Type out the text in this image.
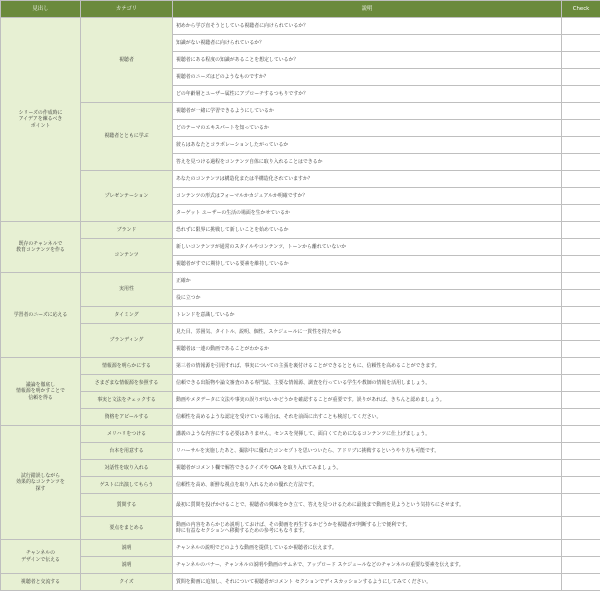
見出し	カテゴリ	説明	Check
シリーズの作成時に
アイデアを練るべき
ポイント	視聴者	初めから学び直そうとしている視聴者に向けられているか？	
		知識がない視聴者に向けられているか？	
		視聴者にある程度の知識があることを想定しているか？	
		視聴者のニーズはどのようなものですか？	
		どの年齢層とユーザー属性にアプローチするつもりですか？	
	視聴者とともに学ぶ	視聴者が一緒に学習できるようにしているか	
		どのテーマのエキスパートを知っているか	
		彼らはあなたとコラボレーションしたがっているか	
		答えを見つける過程をコンテンツ自体に取り入れることはできるか	
	プレゼンテーション	あなたのコンテンツは構造化または半構造化されていますか？	
		コンテンツの形式はフォーマルかカジュアルか明確ですか？	
		ターゲット ユーザーの生活の場面を生かせているか	
既存のチャンネルで
教育コンテンツを作る	ブランド	恐れずに限界に挑戦して新しいことを始めているか	
	コンテンツ	新しいコンテンツが通常のスタイルやコンテンツ、トーンから離れていないか	
		視聴者がすでに期待している要素を維持しているか	
学習者のニーズに応える	実用性	正確か	
		役に立つか	
	タイミング	トレンドを意識しているか	
	ブランディング	見た目、雰囲気、タイトル、説明、個性、スケジュールに一貫性を持たせる	
		視聴者は一連の動画であることがわかるか	
議論を徹底し
情報源を明かすことで
信頼を得る	情報源を明らかにする	第三者の情報源を引用すれば、事実についての主張を裏付けることができるとともに、信頼性を高めることができます。	
	さまざまな情報源を参照する	信頼できる出版物や論文審査のある専門誌、主要な情報源、調査を行っている学生や教師の情報を活用しましょう。	
	事実と文法をチェックする	動画やメタデータに文法や事実の誤りがないかどうかを確認することが重要です。誤りがあれば、きちんと認めましょう。	
	資格をアピールする	信頼性を高めるような認定を受けている場合は、それを前面に出すことも検討してください。	
試行錯誤しながら
効果的なコンテンツを
探す	メリハリをつける	講義のような内容にする必要はありません。センスを発揮して、面白くてためになるコンテンツに仕上げましょう。	
	台本を用意する	リハーサルを実施したあと、撮影中に優れたコンセプトを思いついたら、アドリブに挑戦するというやり方も可能です。	
	対話性を取り入れる	視聴者がコメント欄で解答できるクイズや Q&A を取り入れてみましょう。	
	ゲストに出演してもらう	信頼性を高め、新鮮な視点を取り入れるための優れた方法です。	
	質問する	最初に質問を投げかけることで、視聴者の興味をかき立て、答えを見つけるために最後まで動画を見ようという気持ちにさせます。	
	要点をまとめる	動画の内容をあらかじめ説明しておけば、その動画を再生するかどうかを視聴者が判断する上で便利です。
時に有益なセクションへ移動するための参考にもなります。	
チャンネルの
デザインで伝える	説明	チャンネルの説明でどのような動画を提供しているか視聴者に伝えます。	
	説明	チャンネルのバナー、チャンネルの説明や動画のサムネで、アップロード スケジュールなどのチャンネルの重要な要素を伝えます。	
視聴者と交流する	クイズ	質問を動画に追加し、それについて視聴者がコメント セクションでディスカッションするようにしてみてください。	
